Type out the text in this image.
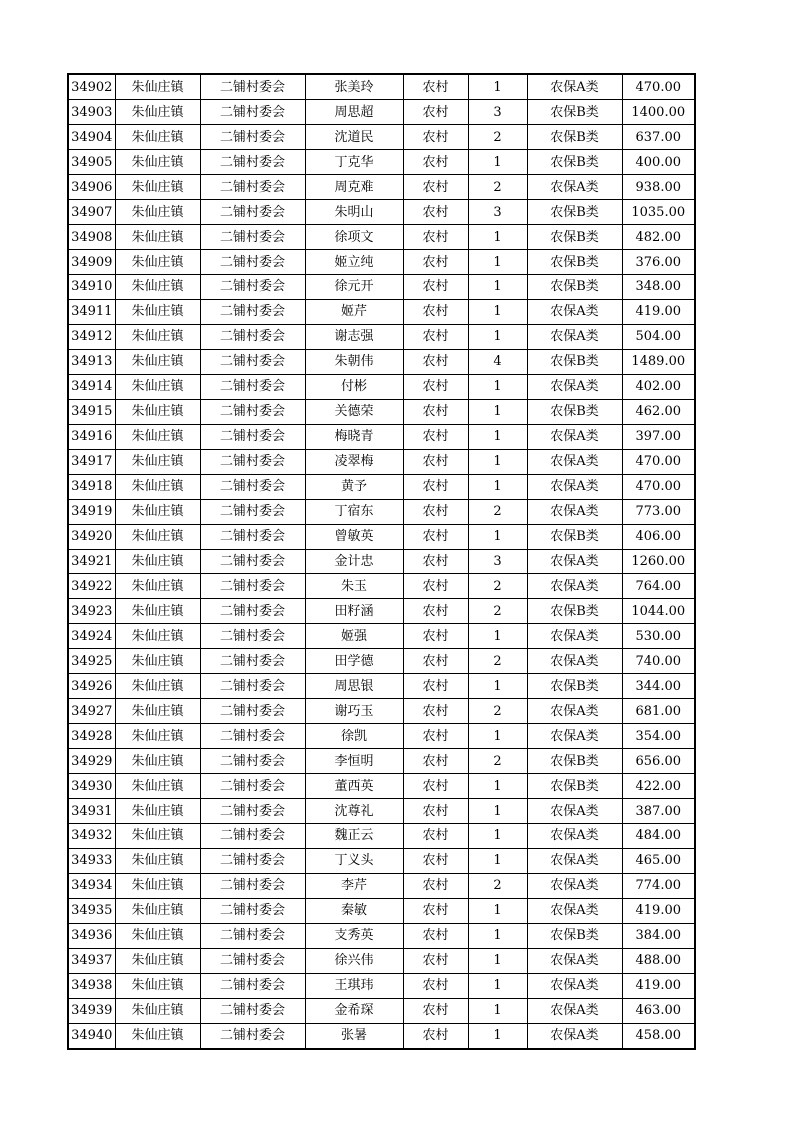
34902	朱仙庄镇	二铺村委会	张美玲	农村	1	农保A类	470.00
34903	朱仙庄镇	二铺村委会	周思超	农村	3	农保B类	1400.00
34904	朱仙庄镇	二铺村委会	沈道民	农村	2	农保B类	637.00
34905	朱仙庄镇	二铺村委会	丁克华	农村	1	农保B类	400.00
34906	朱仙庄镇	二铺村委会	周克难	农村	2	农保A类	938.00
34907	朱仙庄镇	二铺村委会	朱明山	农村	3	农保B类	1035.00
34908	朱仙庄镇	二铺村委会	徐项文	农村	1	农保B类	482.00
34909	朱仙庄镇	二铺村委会	姬立纯	农村	1	农保B类	376.00
34910	朱仙庄镇	二铺村委会	徐元开	农村	1	农保B类	348.00
34911	朱仙庄镇	二铺村委会	姬芹	农村	1	农保A类	419.00
34912	朱仙庄镇	二铺村委会	谢志强	农村	1	农保A类	504.00
34913	朱仙庄镇	二铺村委会	朱朝伟	农村	4	农保B类	1489.00
34914	朱仙庄镇	二铺村委会	付彬	农村	1	农保A类	402.00
34915	朱仙庄镇	二铺村委会	关德荣	农村	1	农保B类	462.00
34916	朱仙庄镇	二铺村委会	梅晓青	农村	1	农保A类	397.00
34917	朱仙庄镇	二铺村委会	凌翠梅	农村	1	农保A类	470.00
34918	朱仙庄镇	二铺村委会	黄予	农村	1	农保A类	470.00
34919	朱仙庄镇	二铺村委会	丁宿东	农村	2	农保A类	773.00
34920	朱仙庄镇	二铺村委会	曾敏英	农村	1	农保B类	406.00
34921	朱仙庄镇	二铺村委会	金计忠	农村	3	农保A类	1260.00
34922	朱仙庄镇	二铺村委会	朱玉	农村	2	农保A类	764.00
34923	朱仙庄镇	二铺村委会	田籽涵	农村	2	农保B类	1044.00
34924	朱仙庄镇	二铺村委会	姬强	农村	1	农保A类	530.00
34925	朱仙庄镇	二铺村委会	田学德	农村	2	农保A类	740.00
34926	朱仙庄镇	二铺村委会	周思银	农村	1	农保B类	344.00
34927	朱仙庄镇	二铺村委会	谢巧玉	农村	2	农保A类	681.00
34928	朱仙庄镇	二铺村委会	徐凯	农村	1	农保A类	354.00
34929	朱仙庄镇	二铺村委会	李恒明	农村	2	农保B类	656.00
34930	朱仙庄镇	二铺村委会	董西英	农村	1	农保B类	422.00
34931	朱仙庄镇	二铺村委会	沈尊礼	农村	1	农保A类	387.00
34932	朱仙庄镇	二铺村委会	魏正云	农村	1	农保A类	484.00
34933	朱仙庄镇	二铺村委会	丁义头	农村	1	农保A类	465.00
34934	朱仙庄镇	二铺村委会	李芹	农村	2	农保A类	774.00
34935	朱仙庄镇	二铺村委会	秦敏	农村	1	农保A类	419.00
34936	朱仙庄镇	二铺村委会	支秀英	农村	1	农保B类	384.00
34937	朱仙庄镇	二铺村委会	徐兴伟	农村	1	农保A类	488.00
34938	朱仙庄镇	二铺村委会	王琪玮	农村	1	农保A类	419.00
34939	朱仙庄镇	二铺村委会	金希琛	农村	1	农保A类	463.00
34940	朱仙庄镇	二铺村委会	张暑	农村	1	农保A类	458.00
